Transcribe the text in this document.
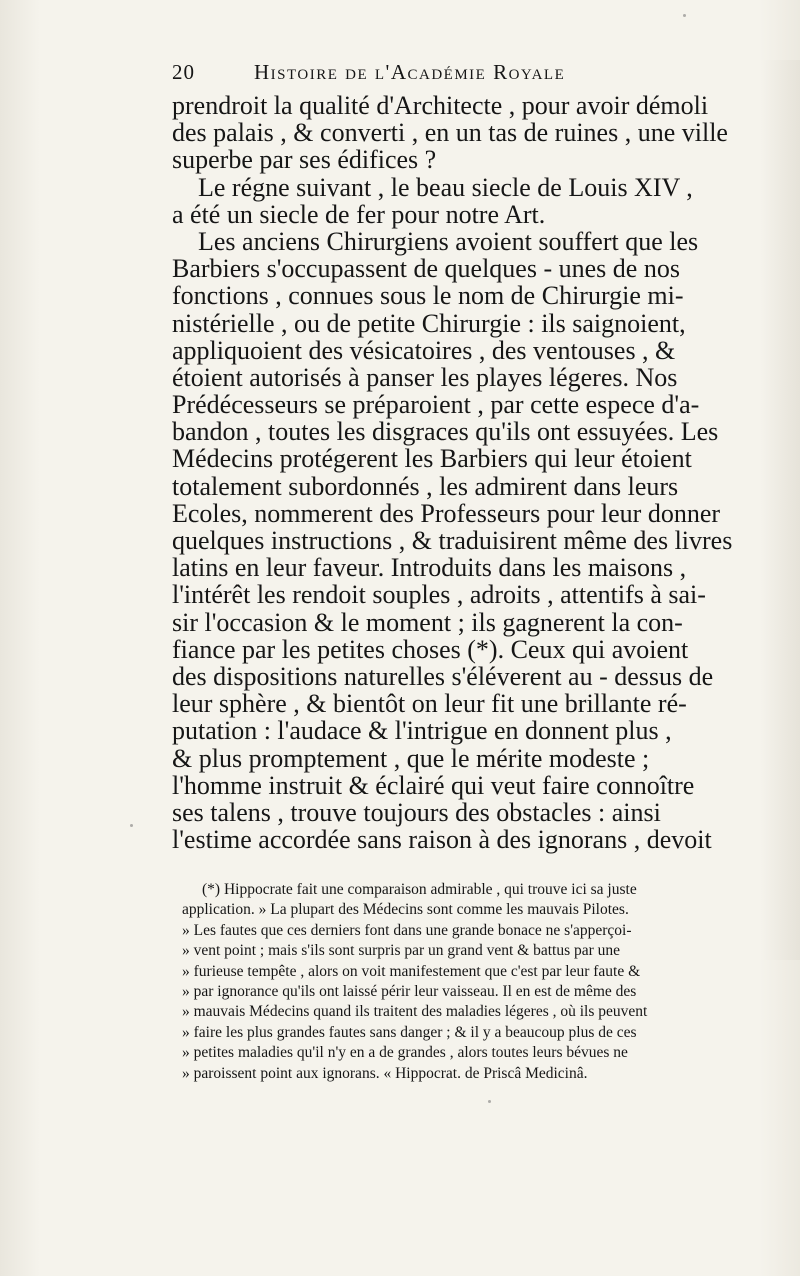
20	Histoire de l'Académie Royale
prendroit la qualité d'Architecte , pour avoir démoli
des palais , & converti , en un tas de ruines , une ville
superbe par ses édifices ?
Le régne suivant , le beau siecle de Louis XIV ,
a été un siecle de fer pour notre Art.
Les anciens Chirurgiens avoient souffert que les
Barbiers s'occupassent de quelques - unes de nos
fonctions , connues sous le nom de Chirurgie mi-
nistérielle , ou de petite Chirurgie : ils saignoient,
appliquoient des vésicatoires , des ventouses , &
étoient autorisés à panser les playes légeres. Nos
Prédécesseurs se préparoient , par cette espece d'a-
bandon , toutes les disgraces qu'ils ont essuyées. Les
Médecins protégerent les Barbiers qui leur étoient
totalement subordonnés , les admirent dans leurs
Ecoles, nommerent des Professeurs pour leur donner
quelques instructions , & traduisirent même des livres
latins en leur faveur. Introduits dans les maisons ,
l'intérêt les rendoit souples , adroits , attentifs à sai-
sir l'occasion & le moment ; ils gagnerent la con-
fiance par les petites choses (*). Ceux qui avoient
des dispositions naturelles s'éléverent au - dessus de
leur sphère , & bientôt on leur fit une brillante ré-
putation : l'audace & l'intrigue en donnent plus ,
& plus promptement , que le mérite modeste ;
l'homme instruit & éclairé qui veut faire connoître
ses talens , trouve toujours des obstacles : ainsi
l'estime accordée sans raison à des ignorans , devoit
(*) Hippocrate fait une comparaison admirable , qui trouve ici sa juste
application. » La plupart des Médecins sont comme les mauvais Pilotes.
» Les fautes que ces derniers font dans une grande bonace ne s'apperçoi-
» vent point ; mais s'ils sont surpris par un grand vent & battus par une
» furieuse tempête , alors on voit manifestement que c'est par leur faute &
» par ignorance qu'ils ont laissé périr leur vaisseau. Il en est de même des
» mauvais Médecins quand ils traitent des maladies légeres , où ils peuvent
» faire les plus grandes fautes sans danger ; & il y a beaucoup plus de ces
» petites maladies qu'il n'y en a de grandes , alors toutes leurs bévues ne
» paroissent point aux ignorans. « Hippocrat. de Priscâ Medicinâ.
